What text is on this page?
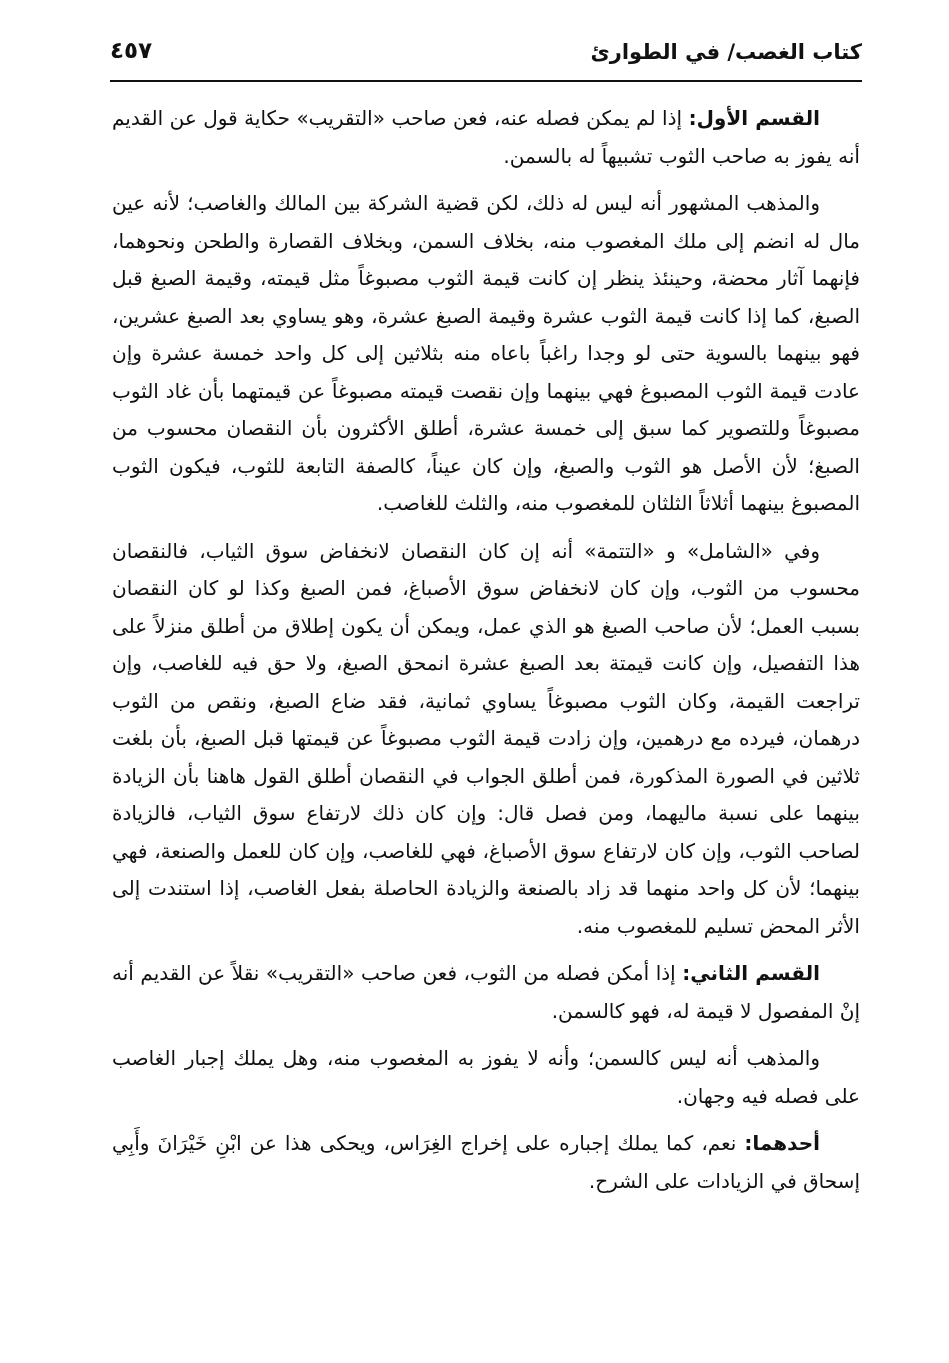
كتاب الغصب/ في الطوارئ
٤٥٧

القسم الأول: إذا لم يمكن فصله عنه، فعن صاحب «التقريب» حكاية قول عن القديم أنه يفوز به صاحب الثوب تشبيهاً له بالسمن.

والمذهب المشهور أنه ليس له ذلك، لكن قضية الشركة بين المالك والغاصب؛ لأنه عين مال له انضم إلى ملك المغصوب منه، بخلاف السمن، وبخلاف القصارة والطحن ونحوهما، فإنهما آثار محضة، وحينئذ ينظر إن كانت قيمة الثوب مصبوغاً مثل قيمته، وقيمة الصبغ قبل الصبغ، كما إذا كانت قيمة الثوب عشرة وقيمة الصبغ عشرة، وهو يساوي بعد الصبغ عشرين، فهو بينهما بالسوية حتى لو وجدا راغباً باعاه منه بثلاثين إلى كل واحد خمسة عشرة وإن عادت قيمة الثوب المصبوغ فهي بينهما وإن نقصت قيمته مصبوغاً عن قيمتهما بأن غاد الثوب مصبوغاً وللتصوير كما سبق إلى خمسة عشرة، أطلق الأكثرون بأن النقصان محسوب من الصبغ؛ لأن الأصل هو الثوب والصبغ، وإن كان عيناً، كالصفة التابعة للثوب، فيكون الثوب المصبوغ بينهما أثلاثاً الثلثان للمغصوب منه، والثلث للغاصب.

وفي «الشامل» و «التتمة» أنه إن كان النقصان لانخفاض سوق الثياب، فالنقصان محسوب من الثوب، وإن كان لانخفاض سوق الأصباغ، فمن الصبغ وكذا لو كان النقصان بسبب العمل؛ لأن صاحب الصبغ هو الذي عمل، ويمكن أن يكون إطلاق من أطلق منزلاً على هذا التفصيل، وإن كانت قيمتة بعد الصبغ عشرة انمحق الصبغ، ولا حق فيه للغاصب، وإن تراجعت القيمة، وكان الثوب مصبوغاً يساوي ثمانية، فقد ضاع الصبغ، ونقص من الثوب درهمان، فيرده مع درهمين، وإن زادت قيمة الثوب مصبوغاً عن قيمتها قبل الصبغ، بأن بلغت ثلاثين في الصورة المذكورة، فمن أطلق الجواب في النقصان أطلق القول هاهنا بأن الزيادة بينهما على نسبة ماليهما، ومن فصل قال: وإن كان ذلك لارتفاع سوق الثياب، فالزيادة لصاحب الثوب، وإن كان لارتفاع سوق الأصباغ، فهي للغاصب، وإن كان للعمل والصنعة، فهي بينهما؛ لأن كل واحد منهما قد زاد بالصنعة والزيادة الحاصلة بفعل الغاصب، إذا استندت إلى الأثر المحض تسليم للمغصوب منه.

القسم الثاني: إذا أمكن فصله من الثوب، فعن صاحب «التقريب» نقلاً عن القديم أنه إنْ المفصول لا قيمة له، فهو كالسمن.

والمذهب أنه ليس كالسمن؛ وأنه لا يفوز به المغصوب منه، وهل يملك إجبار الغاصب على فصله فيه وجهان.

أحدهما: نعم، كما يملك إجباره على إخراج الغِرَاس، ويحكى هذا عن ابْنِ خَيْرَانَ وأَبِي إسحاق في الزيادات على الشرح.
